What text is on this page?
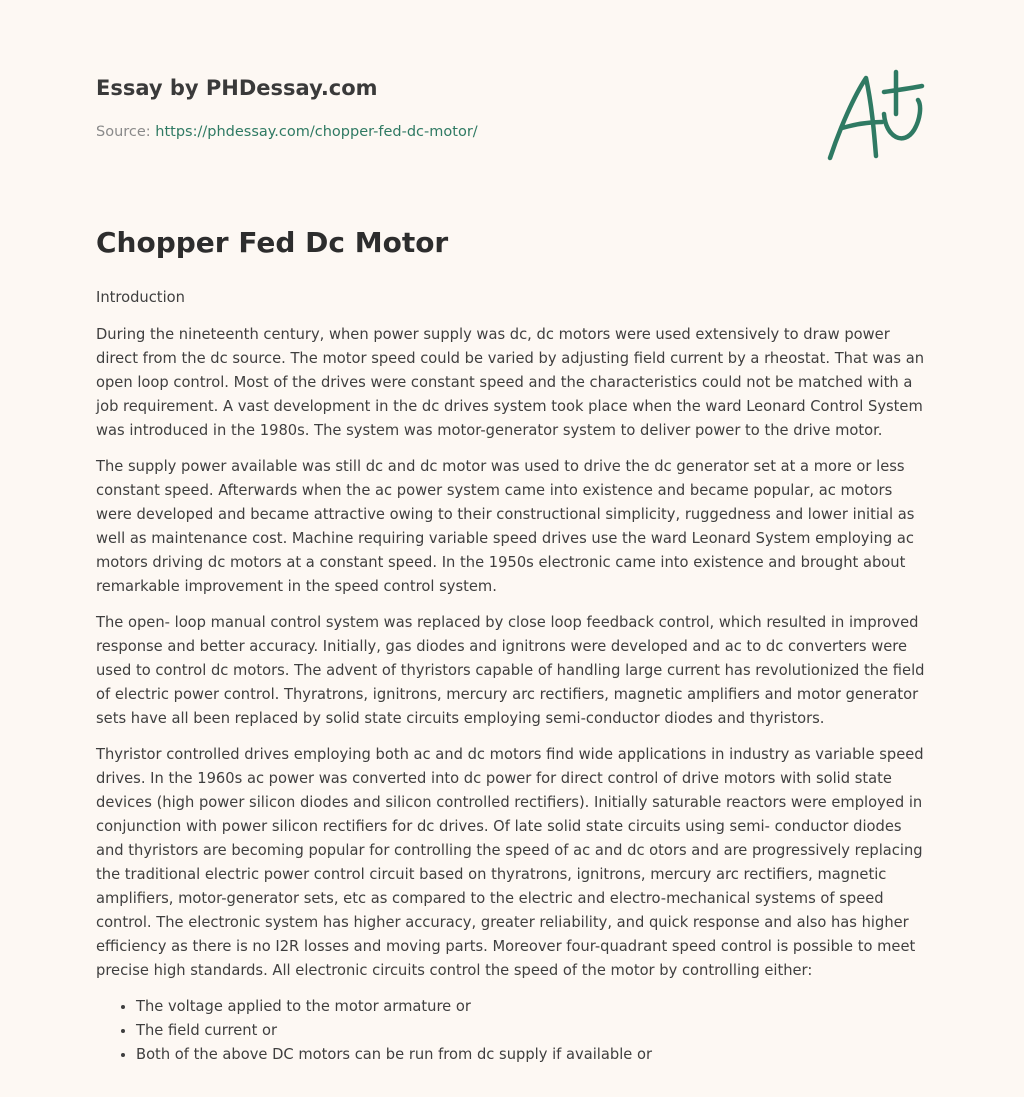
Essay by PHDessay.com

Source: https://phdessay.com/chopper-fed-dc-motor/

Chopper Fed Dc Motor

Introduction

During the nineteenth century, when power supply was dc, dc motors were used extensively to draw power direct from the dc source. The motor speed could be varied by adjusting field current by a rheostat. That was an open loop control. Most of the drives were constant speed and the characteristics could not be matched with a job requirement. A vast development in the dc drives system took place when the ward Leonard Control System was introduced in the 1980s. The system was motor-generator system to deliver power to the drive motor.

The supply power available was still dc and dc motor was used to drive the dc generator set at a more or less constant speed. Afterwards when the ac power system came into existence and became popular, ac motors were developed and became attractive owing to their constructional simplicity, ruggedness and lower initial as well as maintenance cost. Machine requiring variable speed drives use the ward Leonard System employing ac motors driving dc motors at a constant speed. In the 1950s electronic came into existence and brought about remarkable improvement in the speed control system.

The open- loop manual control system was replaced by close loop feedback control, which resulted in improved response and better accuracy. Initially, gas diodes and ignitrons were developed and ac to dc converters were used to control dc motors. The advent of thyristors capable of handling large current has revolutionized the field of electric power control. Thyratrons, ignitrons, mercury arc rectifiers, magnetic amplifiers and motor generator sets have all been replaced by solid state circuits employing semi-conductor diodes and thyristors.

Thyristor controlled drives employing both ac and dc motors find wide applications in industry as variable speed drives. In the 1960s ac power was converted into dc power for direct control of drive motors with solid state devices (high power silicon diodes and silicon controlled rectifiers). Initially saturable reactors were employed in conjunction with power silicon rectifiers for dc drives. Of late solid state circuits using semi- conductor diodes and thyristors are becoming popular for controlling the speed of ac and dc otors and are progressively replacing the traditional electric power control circuit based on thyratrons, ignitrons, mercury arc rectifiers, magnetic amplifiers, motor-generator sets, etc as compared to the electric and electro-mechanical systems of speed control. The electronic system has higher accuracy, greater reliability, and quick response and also has higher efficiency as there is no I2R losses and moving parts. Moreover four-quadrant speed control is possible to meet precise high standards. All electronic circuits control the speed of the motor by controlling either:

• The voltage applied to the motor armature or
• The field current or
• Both of the above DC motors can be run from dc supply if available or
